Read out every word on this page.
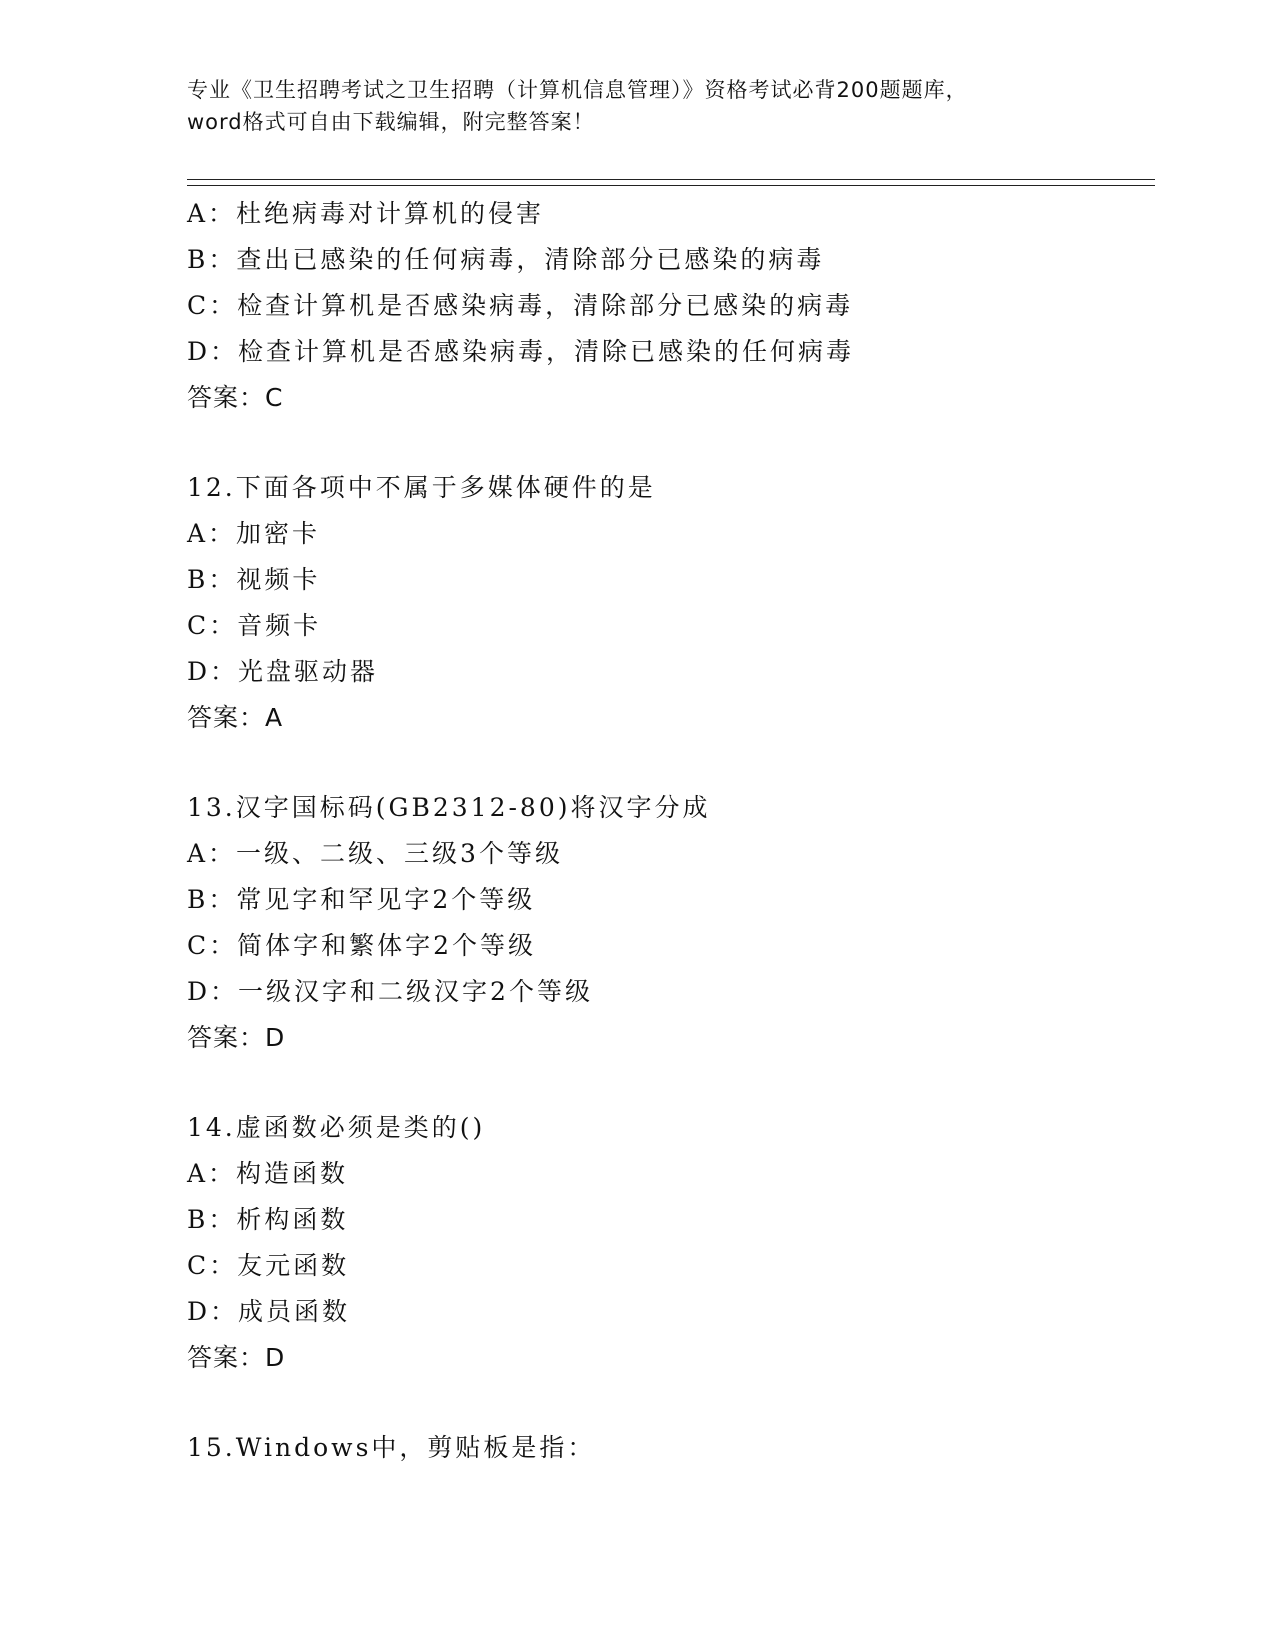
专业《卫生招聘考试之卫生招聘（计算机信息管理）》资格考试必背200题题库，
word格式可自由下载编辑，附完整答案！
A：杜绝病毒对计算机的侵害
B：查出已感染的任何病毒，清除部分已感染的病毒
C：检查计算机是否感染病毒，清除部分已感染的病毒
D：检查计算机是否感染病毒，清除已感染的任何病毒
答案：C
12.下面各项中不属于多媒体硬件的是
A：加密卡
B：视频卡
C：音频卡
D：光盘驱动器
答案：A
13.汉字国标码(GB2312-80)将汉字分成
A：一级、二级、三级3个等级
B：常见字和罕见字2个等级
C：简体字和繁体字2个等级
D：一级汉字和二级汉字2个等级
答案：D
14.虚函数必须是类的()
A：构造函数
B：析构函数
C：友元函数
D：成员函数
答案：D
15.Windows中，剪贴板是指：
